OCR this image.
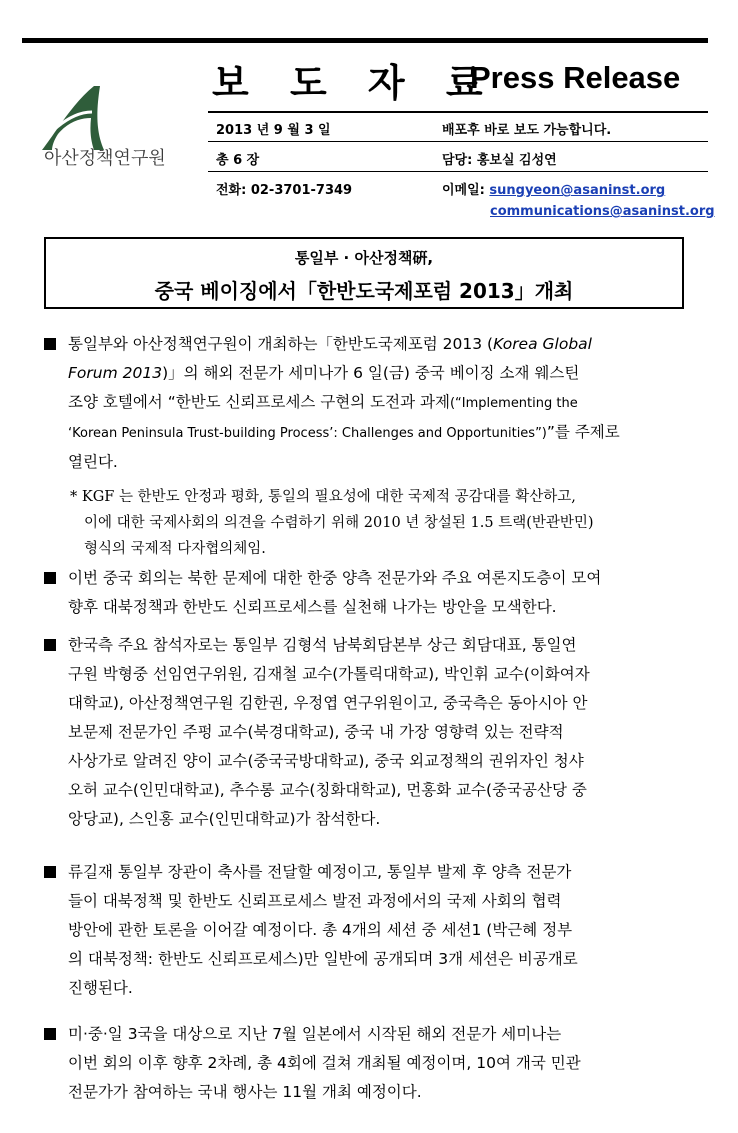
아산정책연구원
보 도 자 료
Press Release
2013 년 9 월 3 일	배포후 바로 보도 가능합니다.
총 6 장	담당: 홍보실 김성연
전화: 02-3701-7349	이메일: sungyeon@asaninst.org
communications@asaninst.org
통일부 · 아산정책硏,
중국 베이징에서「한반도국제포럼 2013」개최
통일부와 아산정책연구원이 개최하는「한반도국제포럼 2013 (Korea Global
Forum 2013)」의 해외 전문가 세미나가 6 일(금) 중국 베이징 소재 웨스틴
조양 호텔에서 “한반도 신뢰프로세스 구현의 도전과 과제(“Implementing the
‘Korean Peninsula Trust-building Process’: Challenges and Opportunities”)”를 주제로
열린다.
* KGF 는 한반도 안정과 평화, 통일의 필요성에 대한 국제적 공감대를 확산하고,
이에 대한 국제사회의 의견을 수렴하기 위해 2010 년 창설된 1.5 트랙(반관반민)
형식의 국제적 다자협의체임.
이번 중국 회의는 북한 문제에 대한 한중 양측 전문가와 주요 여론지도층이 모여
향후 대북정책과 한반도 신뢰프로세스를 실천해 나가는 방안을 모색한다.
한국측 주요 참석자로는 통일부 김형석 남북회담본부 상근 회담대표, 통일연
구원 박형중 선임연구위원, 김재철 교수(가톨릭대학교), 박인휘 교수(이화여자
대학교), 아산정책연구원 김한권, 우정엽 연구위원이고, 중국측은 동아시아 안
보문제 전문가인 주펑 교수(북경대학교), 중국 내 가장 영향력 있는 전략적
사상가로 알려진 양이 교수(중국국방대학교), 중국 외교정책의 권위자인 청샤
오허 교수(인민대학교), 추수롱 교수(칭화대학교), 먼홍화 교수(중국공산당 중
앙당교), 스인홍 교수(인민대학교)가 참석한다.
류길재 통일부 장관이 축사를 전달할 예정이고, 통일부 발제 후 양측 전문가
들이 대북정책 및 한반도 신뢰프로세스 발전 과정에서의 국제 사회의 협력
방안에 관한 토론을 이어갈 예정이다. 총 4개의 세션 중 세션1 (박근혜 정부
의 대북정책: 한반도 신뢰프로세스)만 일반에 공개되며 3개 세션은 비공개로
진행된다.
미·중·일 3국을 대상으로 지난 7월 일본에서 시작된 해외 전문가 세미나는
이번 회의 이후 향후 2차례, 총 4회에 걸쳐 개최될 예정이며, 10여 개국 민관
전문가가 참여하는 국내 행사는 11월 개최 예정이다.
